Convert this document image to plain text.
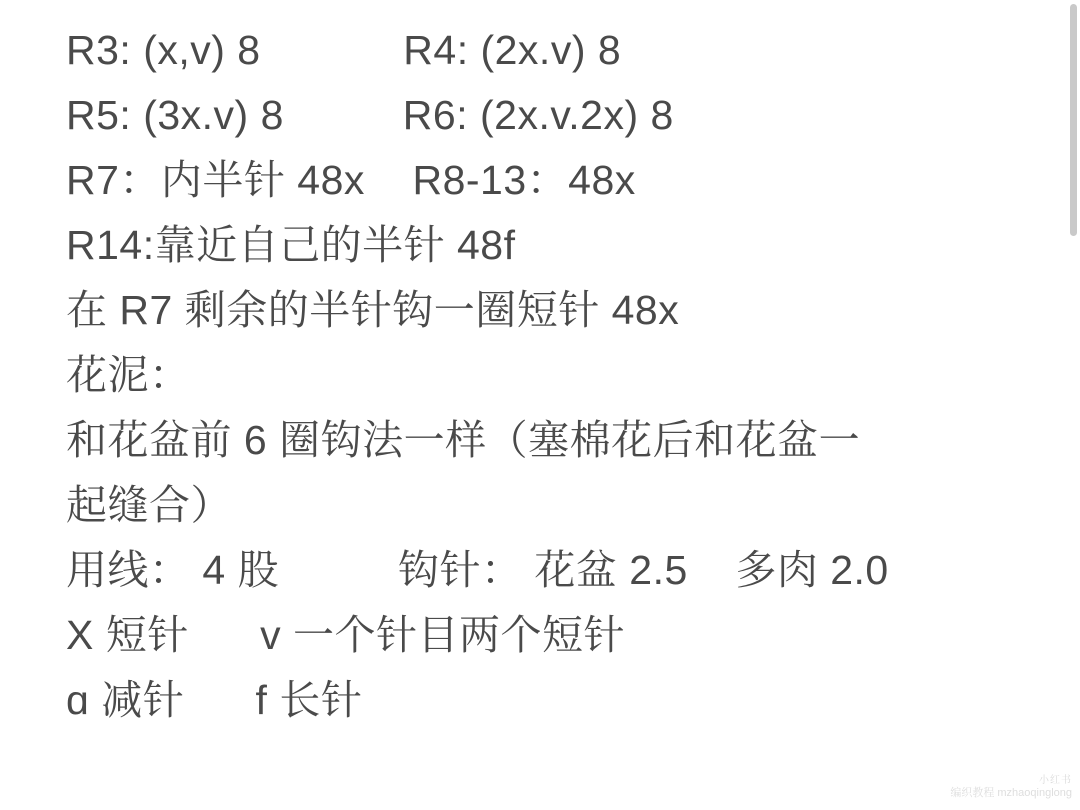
R3: (x,v) 8            R4: (2x.v) 8
R5: (3x.v) 8          R6: (2x.v.2x) 8
R7：内半针 48x    R8-13：48x
R14:靠近自己的半针 48f
在 R7 剩余的半针钩一圈短针 48x
花泥：
和花盆前 6 圈钩法一样（塞棉花后和花盆一
起缝合）
用线： 4 股          钩针： 花盆 2.5    多肉 2.0
X 短针      v 一个针目两个短针
ɑ 减针      f 长针
小红书
编织教程 mzhaoqinglong
